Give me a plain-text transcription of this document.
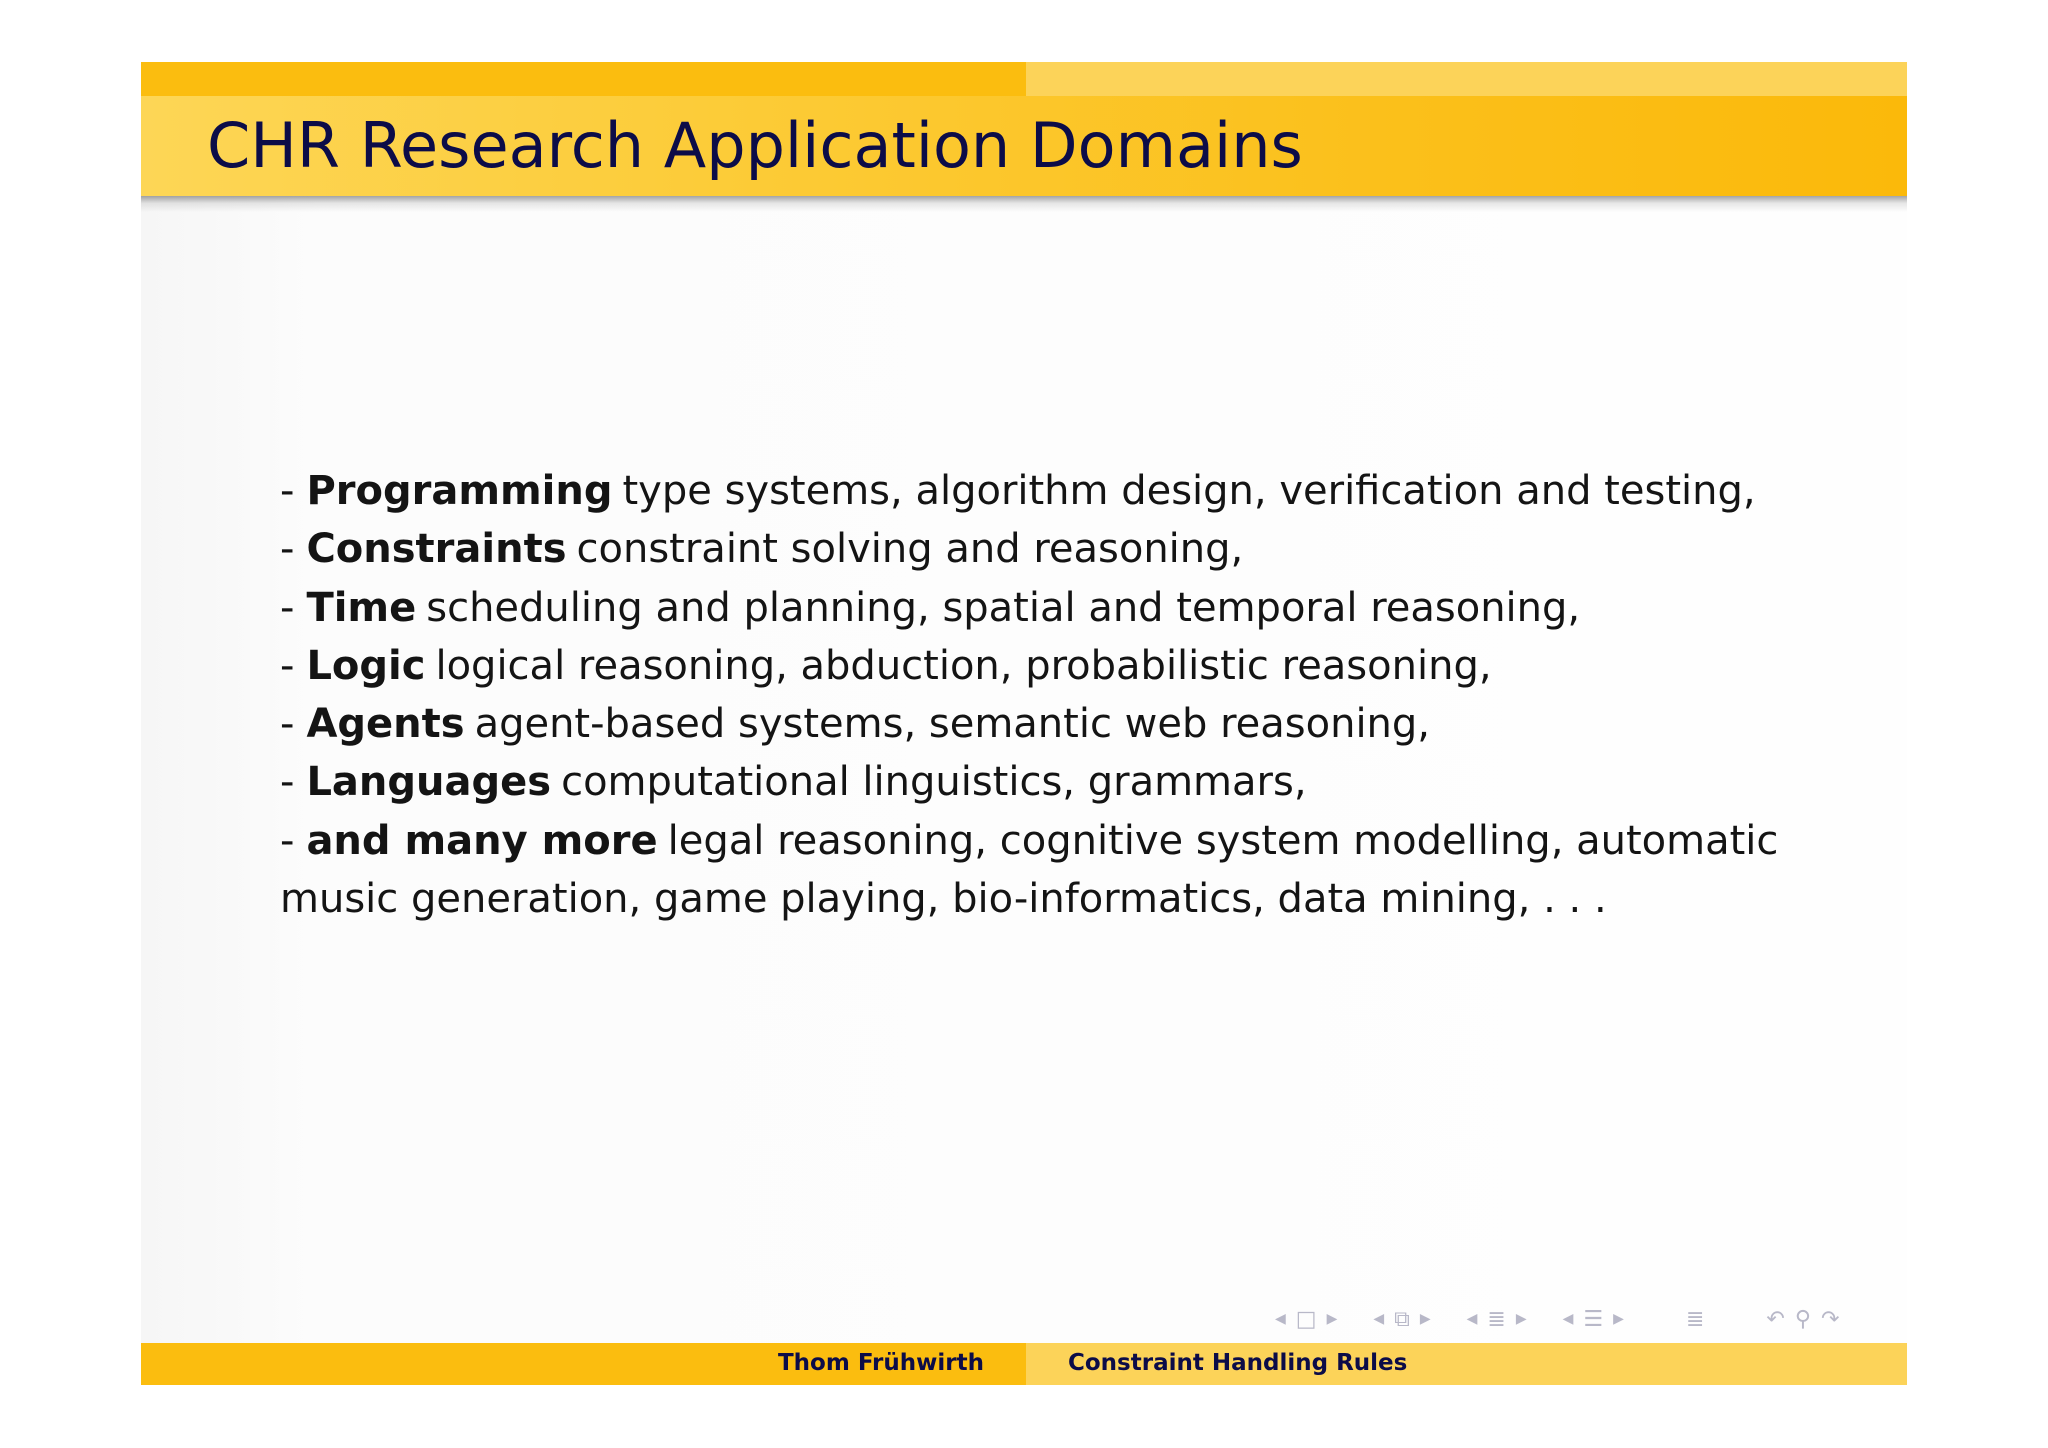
CHR Research Application Domains
- Programming type systems, algorithm design, verification and testing,
- Constraints constraint solving and reasoning,
- Time scheduling and planning, spatial and temporal reasoning,
- Logic logical reasoning, abduction, probabilistic reasoning,
- Agents agent-based systems, semantic web reasoning,
- Languages computational linguistics, grammars,
- and many more legal reasoning, cognitive system modelling, automatic
music generation, game playing, bio-informatics, data mining, . . .
◀ □ ▶	◀ ⧉ ▶	◀ ≣ ▶	◀ ☰ ▶	≣	↶ ⚲ ↷
Thom Frühwirth	Constraint Handling Rules
